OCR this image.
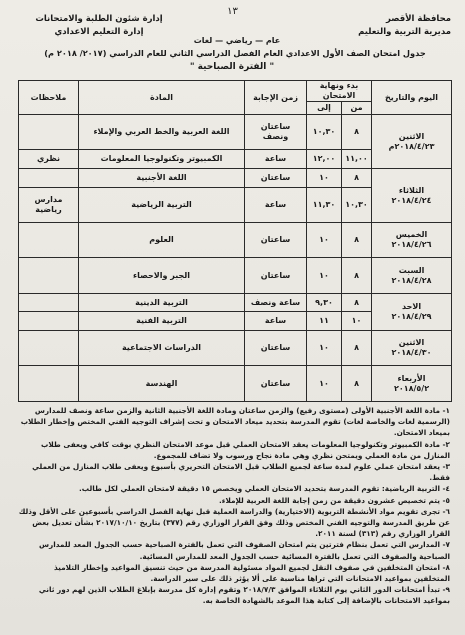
١٣
محافظة الأقصر
مديرية التربية والتعليم
إدارة شئون الطلبة والامتحانات
إدارة التعليم الاعدادي
عام — رياضي — لغات
جدول امتحان الصف الأول الاعدادي العام الفصل الدراسي الثاني للعام الدراسي (٢٠١٧/ ٢٠١٨ م)
" الفترة الصباحية "
اليوم والتاريخ	بدء ونهاية الامتحان		زمن الإجابة	المادة	ملاحظات
	من	إلى			

الاثنين
٢٠١٨/٤/٢٣م	٨	١٠,٣٠	ساعتان ونصف	اللغة العربية والخط العربي والإملاء	
	١١,٠٠	١٢,٠٠	ساعة	الكمبيوتر وتكنولوجيا المعلومات	نظري

الثلاثاء
٢٠١٨/٤/٢٤	٨	١٠	ساعتان	اللغة الأجنبية	
	١٠,٣٠	١١,٣٠	ساعة	التربية الرياضية	مدارس رياضية

الخميس
٢٠١٨/٤/٢٦	٨	١٠	ساعتان	العلوم	

السبت
٢٠١٨/٤/٢٨	٨	١٠	ساعتان	الجبر والاحصاء	

الاحد
٢٠١٨/٤/٢٩	٨	٩,٣٠	ساعة ونصف	التربية الدينية	
	١٠	١١	ساعة	التربية الفنية	

الاثنين
٢٠١٨/٤/٣٠	٨	١٠	ساعتان	الدراسات الاجتماعية	

الأربعاء
٢٠١٨/٥/٢	٨	١٠	ساعتان	الهندسة	

١- مادة اللغة الأجنبية الأولى (مستوى رفيع) والزمن ساعتان ومادة اللغة الأجنبية الثانية والزمن ساعة ونصف للمدارس (الرسمية لغات والخاصة لغات) تقوم المدرسة بتحديد ميعاد الامتحان و تحت إشراف التوجيه الفني المختص وإخطار الطلاب بميعاد الامتحان.

٢- مادة الكمبيوتر وتكنولوجيا المعلومات يعقد الامتحان العملي قبل موعد الامتحان النظري بوقت كافي ويعفى طلاب المنازل من مادة العملي ويمتحن نظري وهي مادة نجاح ورسوب ولا تضاف للمجموع.

٣- يعقد امتحان عملي علوم لمدة ساعة لجميع الطلاب قبل الامتحان التحريري بأسبوع ويعفى طلاب المنازل من العملي فقط.

٤- التربية الرياضية: تقوم المدرسة بتحديد الامتحان العملي ويخصص ١٥ دقيقة لامتحان العملي لكل طالب.

٥- يتم تخصيص عشرون دقيقة من زمن إجابة اللغة العربية للإملاء.

٦- تجرى تقويم مواد الأنشطة التربوية (الاختيارية) والدراسة العملية قبل نهاية الفصل الدراسي بأسبوعين على الأقل وذلك عن طريق المدرسة والتوجيه الفني المختص وذلك وفق القرار الوزاري رقم (٣٧٧) بتاريخ ٢٠١٧/١٠/١٠ بشأن تعديل بعض القرار الوزاري رقم (٣١٣) لسنة ٢٠١١.

٧- المدارس التي تعمل بنظام فترتين يتم امتحان الصفوف التي تعمل بالفترة الصباحية حسب الجدول المعد للمدارس الصباحية والصفوف التي تعمل بالفترة المسائية حسب الجدول المعد للمدارس المسائية.

٨- امتحان المتخلفين في صفوف النقل لجميع المواد مسئولية المدرسة من حيث تنسيق المواعيد وإخطار التلاميذ المتخلفين بمواعيد الامتحانات التي تراها مناسبة على ألا يؤثر ذلك على سير الدراسة.

٩- تبدأ امتحانات الدور الثاني يوم الثلاثاء الموافق ٢٠١٨/٧/٣ وتقوم إدارة كل مدرسة بإبلاغ الطلاب الذين لهم دور ثاني بمواعيد الامتحانات بالإضافة إلى كتابة هذا الموعد بالشهادة الخاصة به.
